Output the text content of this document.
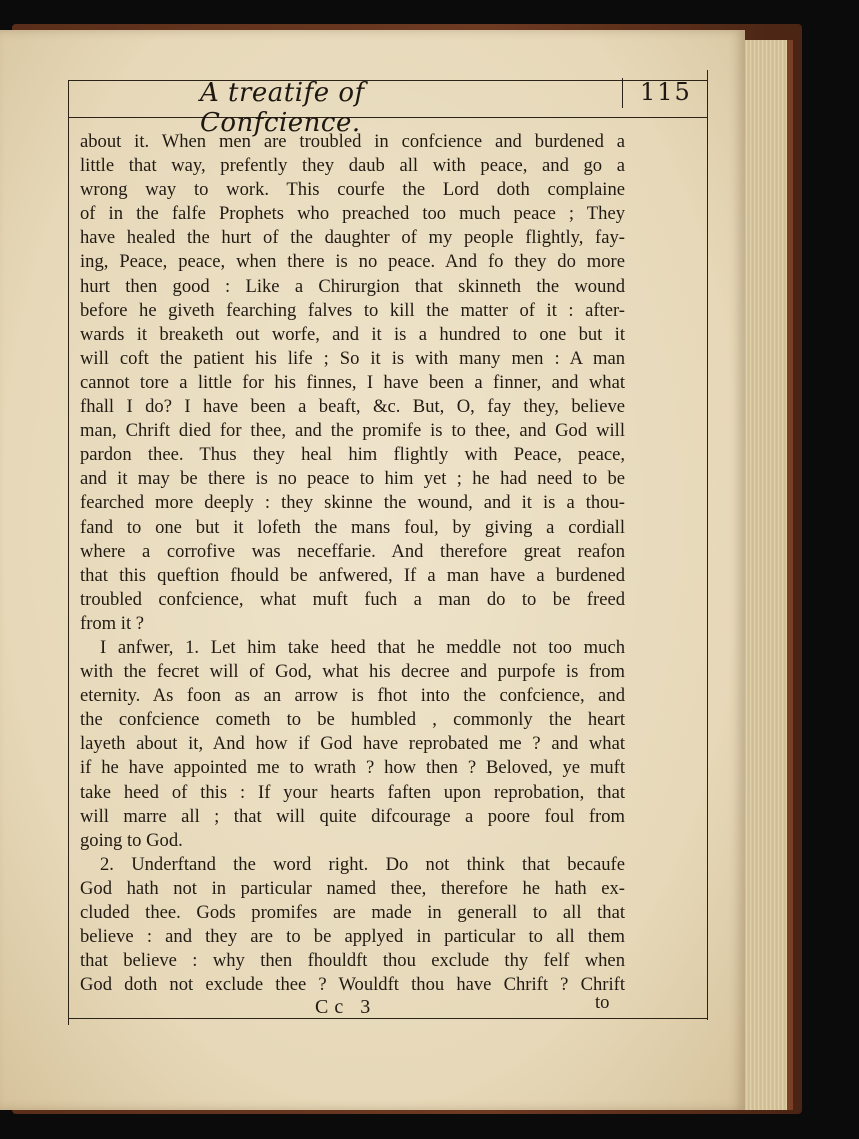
A treatife of Confcience.
115
about it. When men are troubled in confcience and burdened a
little that way, prefently they daub all with peace, and go a
wrong way to work. This courfe the Lord doth complaine
of in the falfe Prophets who preached too much peace ; They
have healed the hurt of the daughter of my people flightly, fay-
ing, Peace, peace, when there is no peace. And fo they do more
hurt then good : Like a Chirurgion that skinneth the wound
before he giveth fearching falves to kill the matter of it : after-
wards it breaketh out worfe, and it is a hundred to one but it
will coft the patient his life ; So it is with many men : A man
cannot tore a little for his finnes, I have been a finner, and what
fhall I do? I have been a beaft, &c. But, O, fay they, believe
man, Chrift died for thee, and the promife is to thee, and God will
pardon thee. Thus they heal him flightly with Peace, peace,
and it may be there is no peace to him yet ; he had need to be
fearched more deeply : they skinne the wound, and it is a thou-
fand to one but it lofeth the mans foul, by giving a cordiall
where a corrofive was neceffarie. And therefore great reafon
that this queftion fhould be anfwered, If a man have a burdened
troubled confcience, what muft fuch a man do to be freed
from it ?
I anfwer, 1. Let him take heed that he meddle not too much
with the fecret will of God, what his decree and purpofe is from
eternity. As foon as an arrow is fhot into the confcience, and
the confcience cometh to be humbled , commonly the heart
layeth about it, And how if God have reprobated me ? and what
if he have appointed me to wrath ? how then ? Beloved, ye muft
take heed of this : If your hearts faften upon reprobation, that
will marre all ; that will quite difcourage a poore foul from
going to God.
2. Underftand the word right. Do not think that becaufe
God hath not in particular named thee, therefore he hath ex-
cluded thee. Gods promifes are made in generall to all that
believe : and they are to be applyed in particular to all them
that believe : why then fhouldft thou exclude thy felf when
God doth not exclude thee ? Wouldft thou have Chrift ? Chrift
Cc 3	to
